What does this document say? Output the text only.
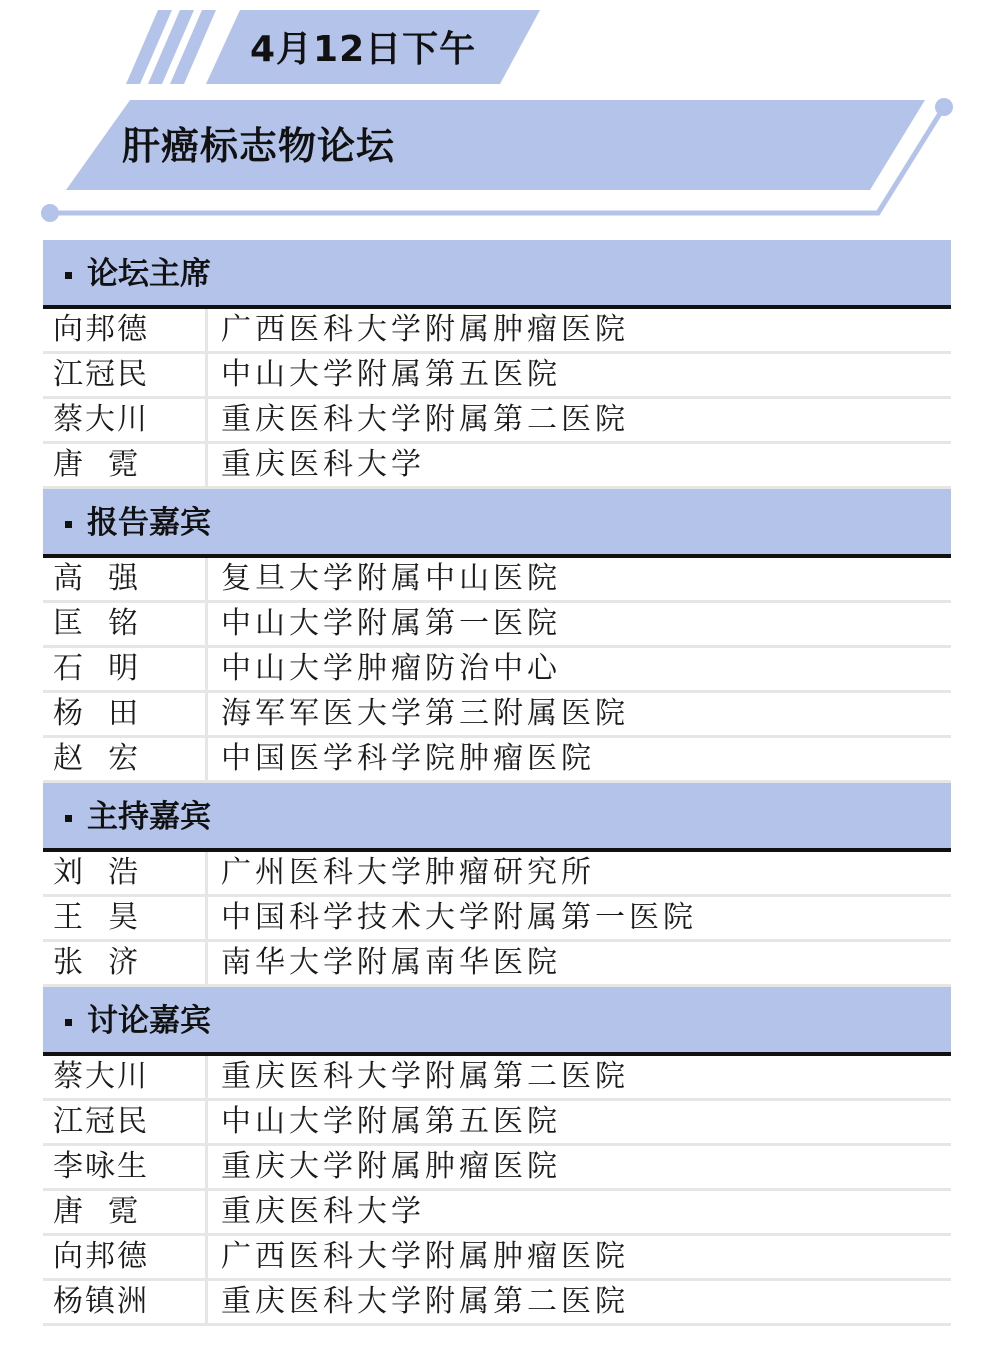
4月12日下午
肝癌标志物论坛
论坛主席
向邦德	广西医科大学附属肿瘤医院
江冠民	中山大学附属第五医院
蔡大川	重庆医科大学附属第二医院
唐  霓	重庆医科大学
报告嘉宾
高  强	复旦大学附属中山医院
匡  铭	中山大学附属第一医院
石  明	中山大学肿瘤防治中心
杨  田	海军军医大学第三附属医院
赵  宏	中国医学科学院肿瘤医院
主持嘉宾
刘  浩	广州医科大学肿瘤研究所
王  昊	中国科学技术大学附属第一医院
张  济	南华大学附属南华医院
讨论嘉宾
蔡大川	重庆医科大学附属第二医院
江冠民	中山大学附属第五医院
李咏生	重庆大学附属肿瘤医院
唐  霓	重庆医科大学
向邦德	广西医科大学附属肿瘤医院
杨镇洲	重庆医科大学附属第二医院
